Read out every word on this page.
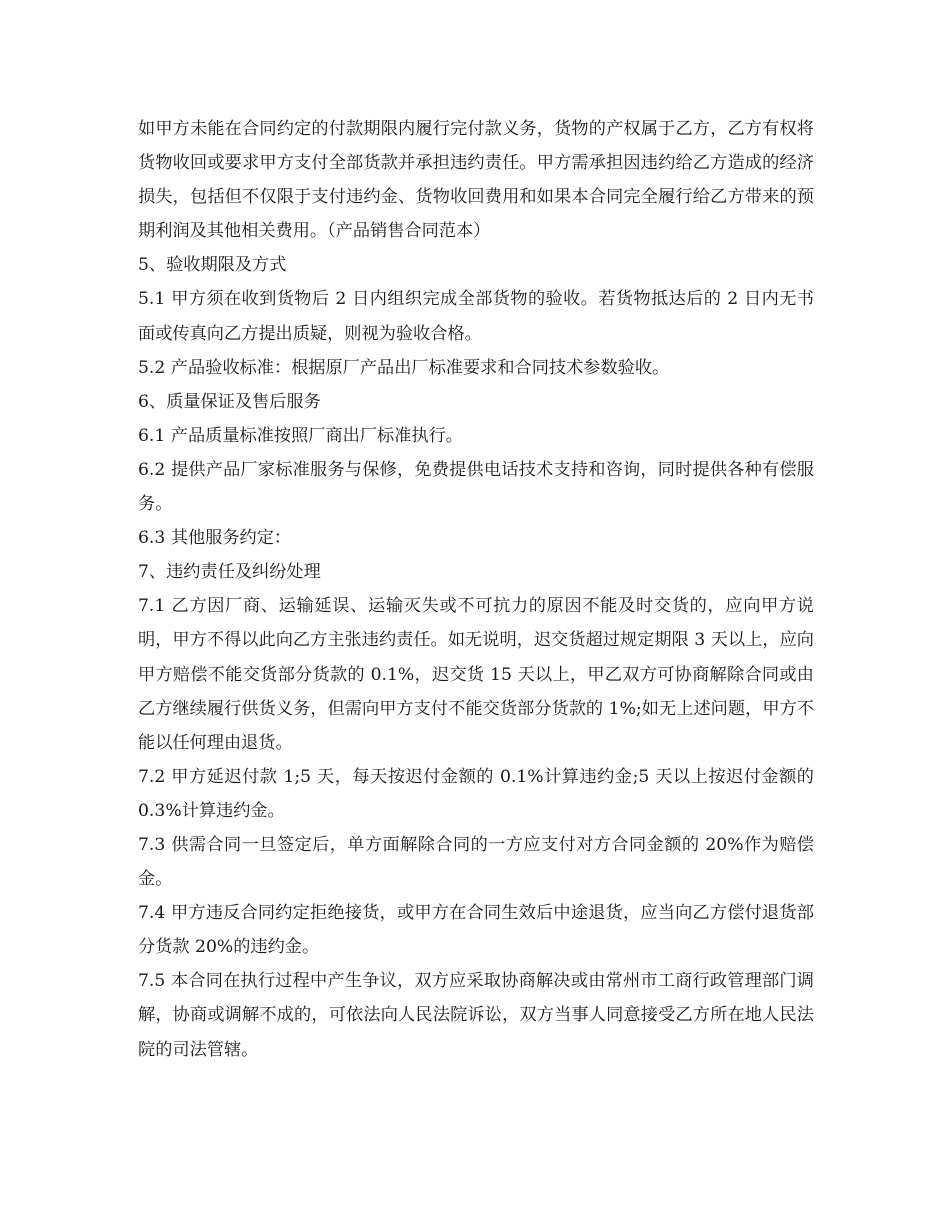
如甲方未能在合同约定的付款期限内履行完付款义务，货物的产权属于乙方，乙方有权将货物收回或要求甲方支付全部货款并承担违约责任。甲方需承担因违约给乙方造成的经济损失，包括但不仅限于支付违约金、货物收回费用和如果本合同完全履行给乙方带来的预期利润及其他相关费用。（产品销售合同范本）

5、验收期限及方式

5.1 甲方须在收到货物后 2 日内组织完成全部货物的验收。若货物抵达后的 2 日内无书面或传真向乙方提出质疑，则视为验收合格。

5.2 产品验收标准：根据原厂产品出厂标准要求和合同技术参数验收。

6、质量保证及售后服务

6.1 产品质量标准按照厂商出厂标准执行。

6.2 提供产品厂家标准服务与保修，免费提供电话技术支持和咨询，同时提供各种有偿服务。

6.3 其他服务约定：

7、违约责任及纠纷处理

7.1 乙方因厂商、运输延误、运输灭失或不可抗力的原因不能及时交货的，应向甲方说明，甲方不得以此向乙方主张违约责任。如无说明，迟交货超过规定期限 3 天以上，应向甲方赔偿不能交货部分货款的 0.1%，迟交货 15 天以上，甲乙双方可协商解除合同或由乙方继续履行供货义务，但需向甲方支付不能交货部分货款的 1%;如无上述问题，甲方不能以任何理由退货。

7.2 甲方延迟付款 1;5 天，每天按迟付金额的 0.1%计算违约金;5 天以上按迟付金额的 0.3%计算违约金。

7.3 供需合同一旦签定后，单方面解除合同的一方应支付对方合同金额的 20%作为赔偿金。

7.4 甲方违反合同约定拒绝接货，或甲方在合同生效后中途退货，应当向乙方偿付退货部分货款 20%的违约金。

7.5 本合同在执行过程中产生争议，双方应采取协商解决或由常州市工商行政管理部门调解，协商或调解不成的，可依法向人民法院诉讼，双方当事人同意接受乙方所在地人民法院的司法管辖。
